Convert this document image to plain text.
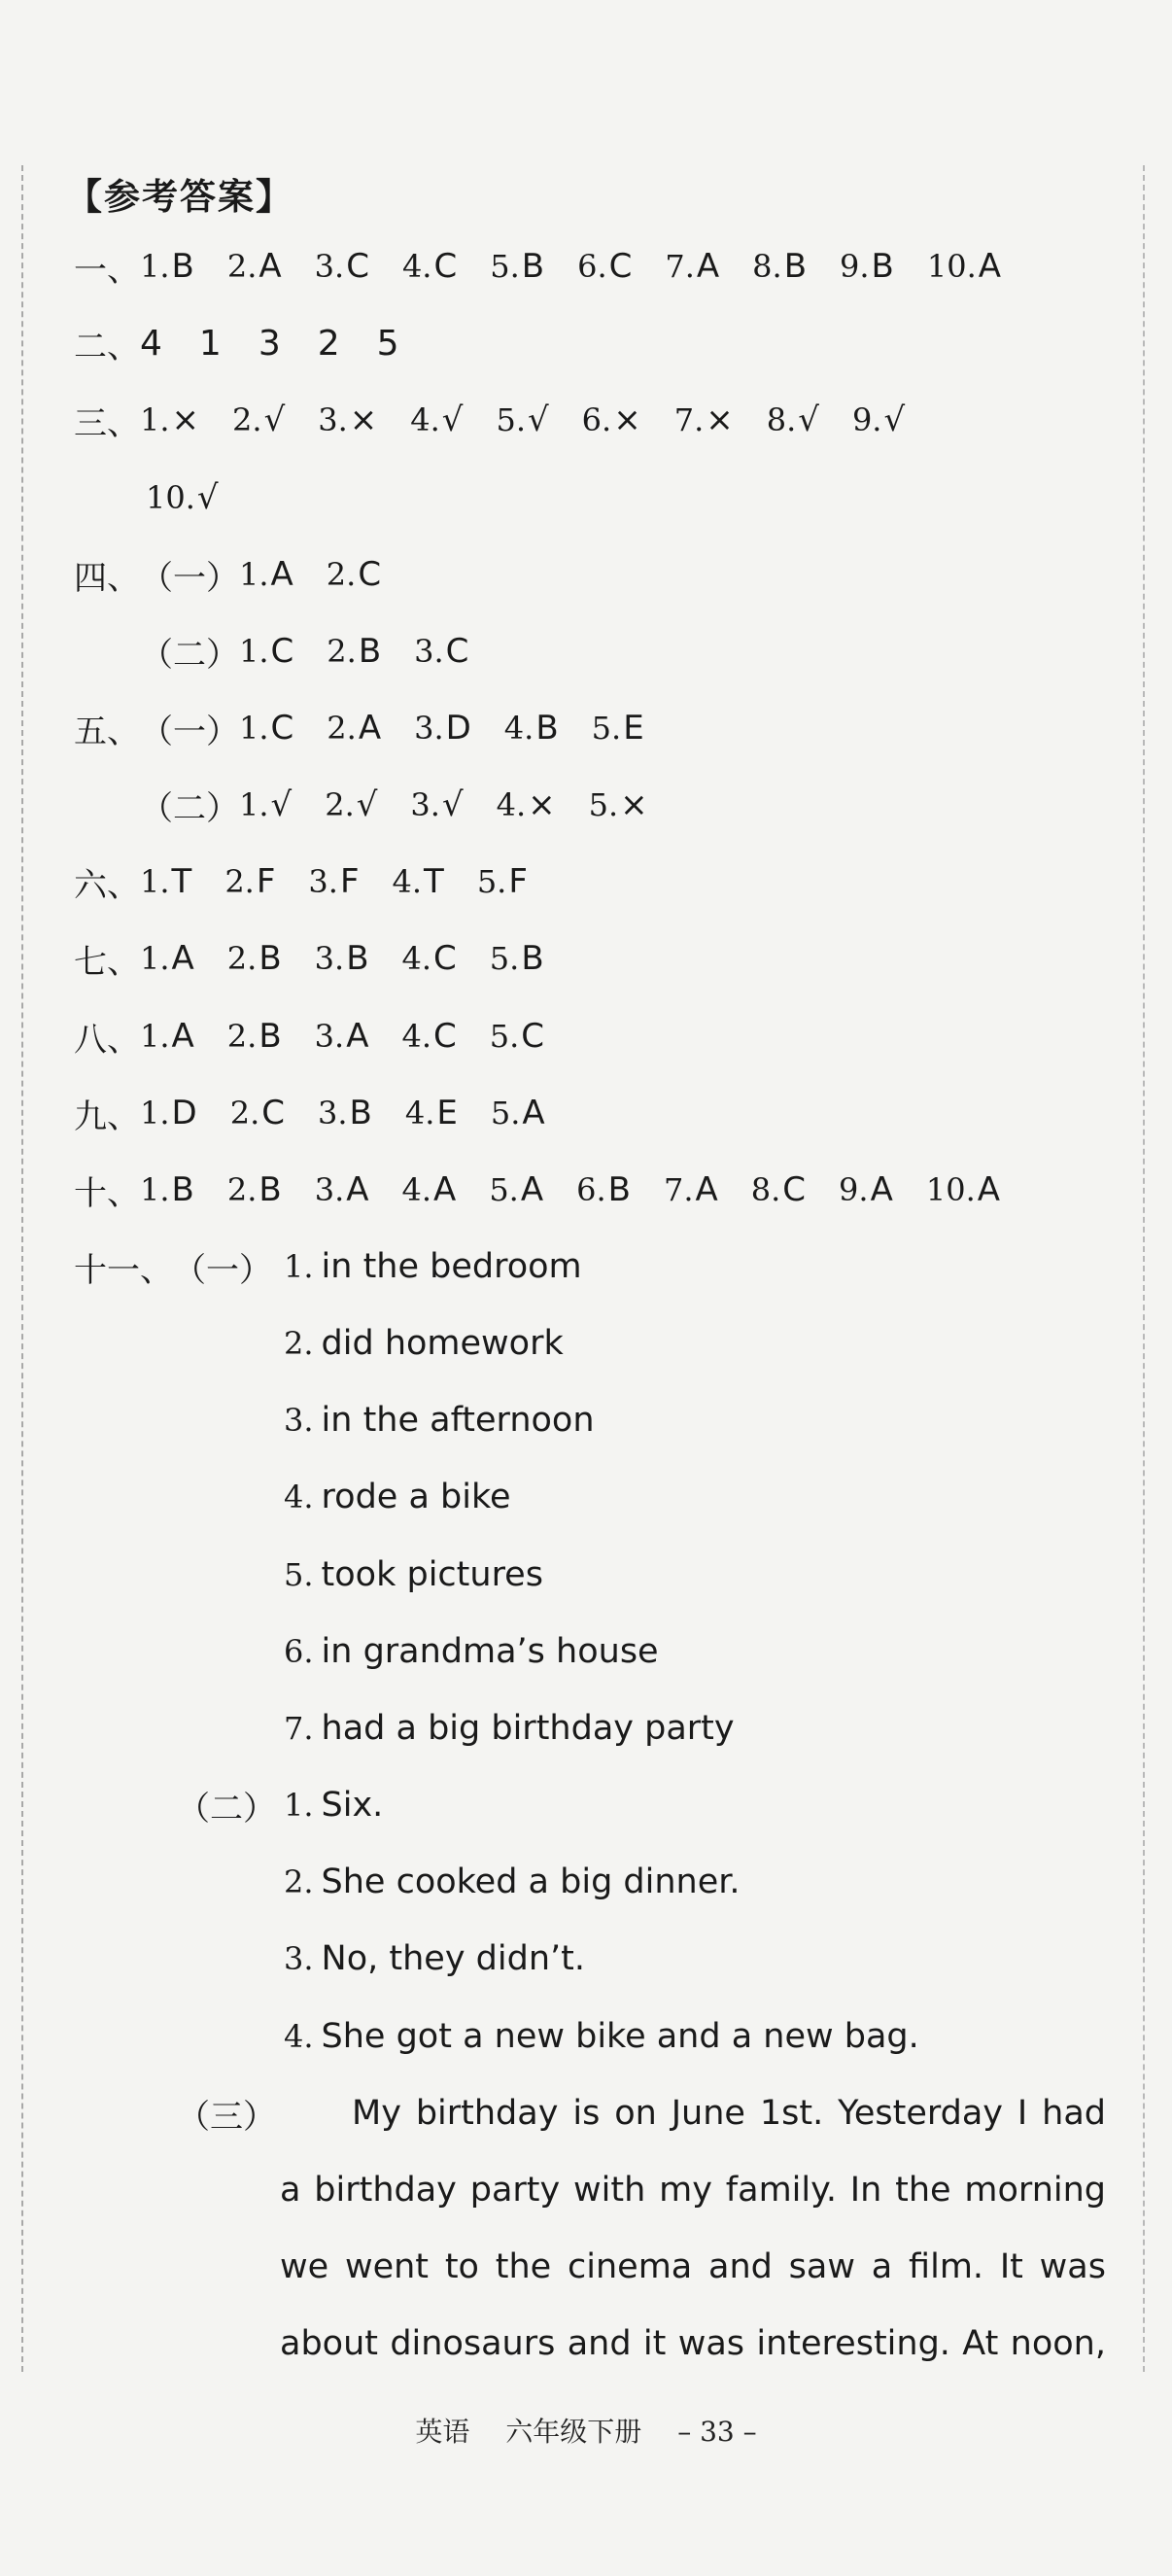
【参考答案】
一、 1. B 2. A 3. C 4. C 5. B 6. C 7. A 8. B 9. B 10. A
二、 4 1 3 2 5
三、 1. × 2. √ 3. × 4. √ 5. √ 6. × 7. × 8. √ 9. √
10. √
四、 （一） 1. A 2. C
（二） 1. C 2. B 3. C
五、 （一） 1. C 2. A 3. D 4. B 5. E
（二） 1. √ 2. √ 3. √ 4. × 5. ×
六、 1. T 2. F 3. F 4. T 5. F
七、 1. A 2. B 3. B 4. C 5. B
八、 1. A 2. B 3. A 4. C 5. C
九、 1. D 2. C 3. B 4. E 5. A
十、 1. B 2. B 3. A 4. A 5. A 6. B 7. A 8. C 9. A 10. A
十一、 （一） 1. in the bedroom
2. did homework
3. in the afternoon
4. rode a bike
5. took pictures
6. in grandma’s house
7. had a big birthday party
（二） 1. Six.
2. She cooked a big dinner.
3. No, they didn’t.
4. She got a new bike and a new bag.
（三） My birthday is on June 1st. Yesterday I had
a birthday party with my family. In the morning
we went to the cinema and saw a film. It was
about dinosaurs and it was interesting. At noon,
英语 六年级下册 – 33 –
